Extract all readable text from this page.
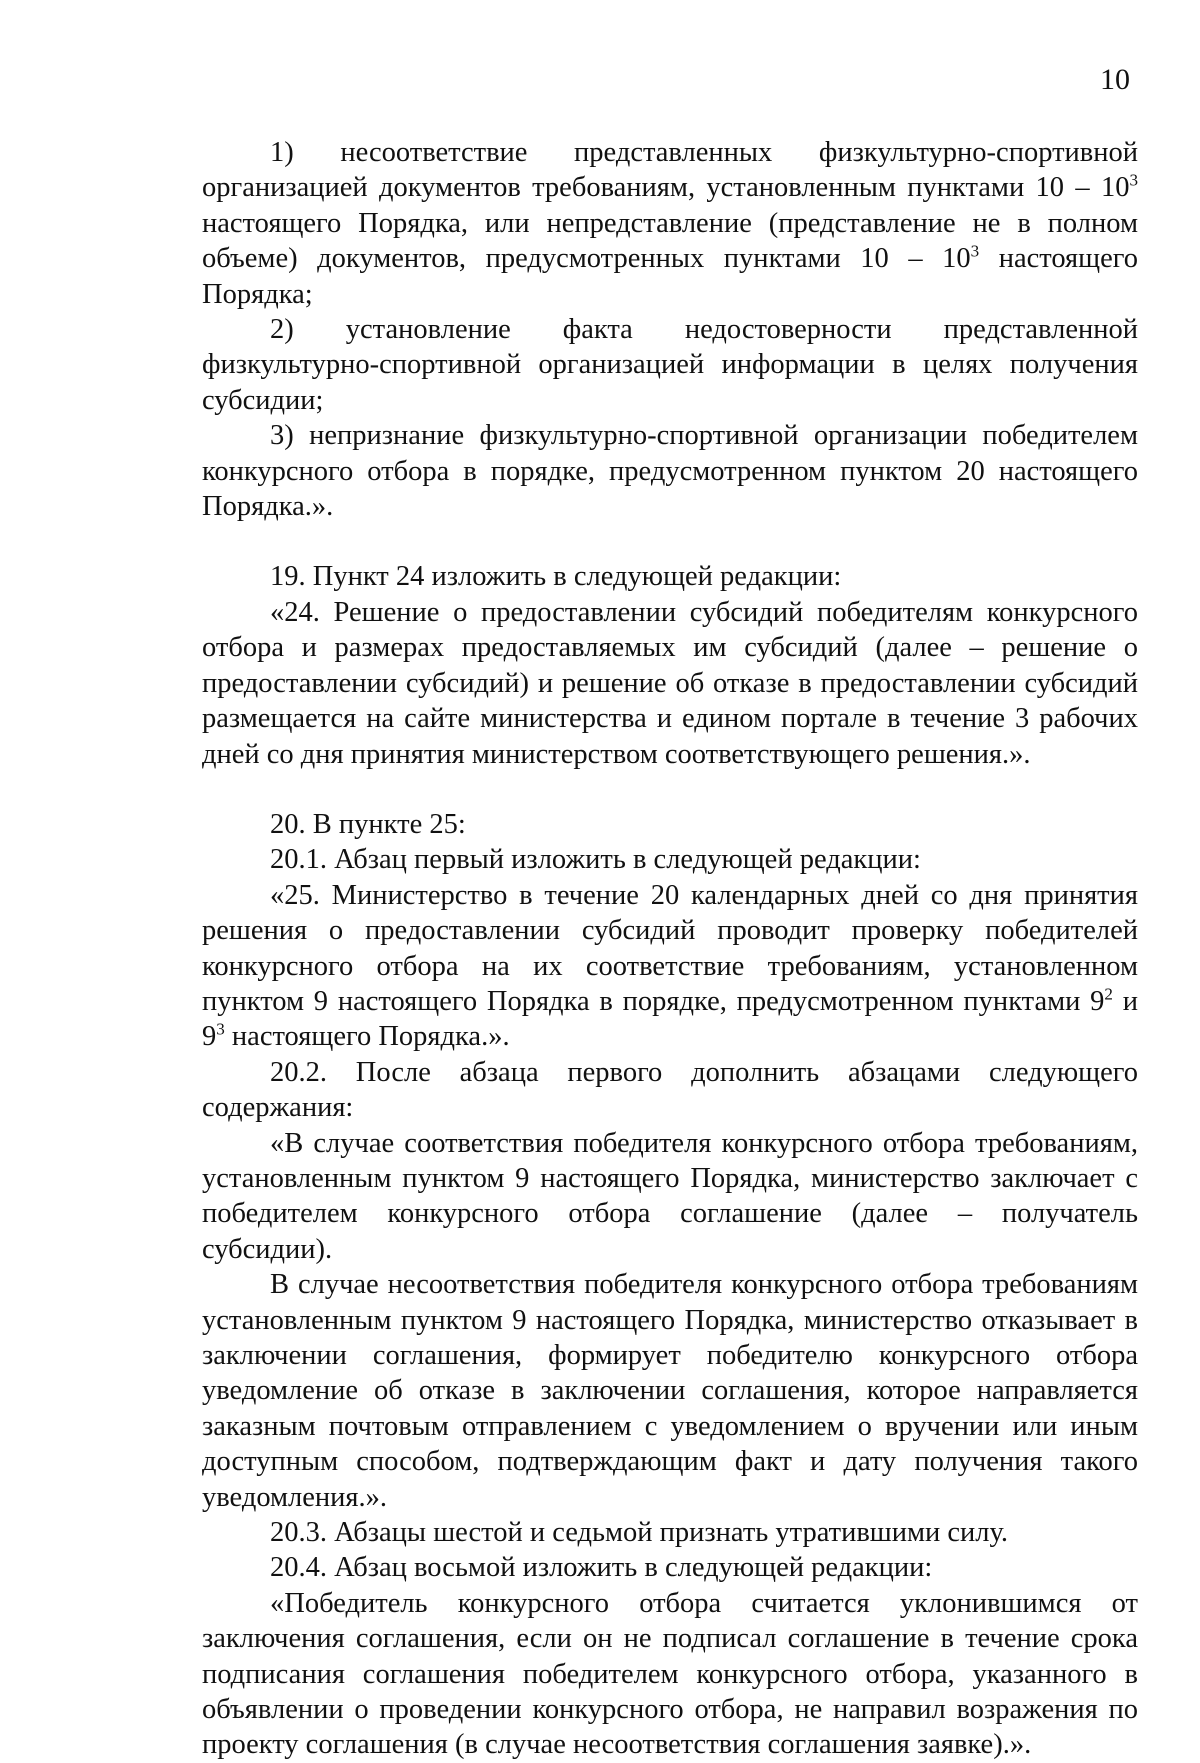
10

1) несоответствие представленных физкультурно-спортивной организацией документов требованиям, установленным пунктами $10 - 10^3$ настоящего Порядка, или непредставление (представление не в полном объеме) документов, предусмотренных пунктами $10 - 10^3$ настоящего Порядка;

2) установление факта недостоверности представленной физкультурно-спортивной организацией информации в целях получения субсидии;

3) непризнание физкультурно-спортивной организации победителем конкурсного отбора в порядке, предусмотренном пунктом 20 настоящего Порядка.».

19. Пункт 24 изложить в следующей редакции:

«24. Решение о предоставлении субсидий победителям конкурсного отбора и размерах предоставляемых им субсидий (далее – решение о предоставлении субсидий) и решение об отказе в предоставлении субсидий размещается на сайте министерства и едином портале в течение 3 рабочих дней со дня принятия министерством соответствующего решения.».

20. В пункте 25:

20.1. Абзац первый изложить в следующей редакции:

«25. Министерство в течение 20 календарных дней со дня принятия решения о предоставлении субсидий проводит проверку победителей конкурсного отбора на их соответствие требованиям, установленном пунктом 9 настоящего Порядка в порядке, предусмотренном пунктами $9^2$ и $9^3$ настоящего Порядка.».

20.2. После абзаца первого дополнить абзацами следующего содержания:

«В случае соответствия победителя конкурсного отбора требованиям, установленным пунктом 9 настоящего Порядка, министерство заключает с победителем конкурсного отбора соглашение (далее – получатель субсидии).

В случае несоответствия победителя конкурсного отбора требованиям установленным пунктом 9 настоящего Порядка, министерство отказывает в заключении соглашения, формирует победителю конкурсного отбора уведомление об отказе в заключении соглашения, которое направляется заказным почтовым отправлением с уведомлением о вручении или иным доступным способом, подтверждающим факт и дату получения такого уведомления.».

20.3. Абзацы шестой и седьмой признать утратившими силу.

20.4. Абзац восьмой изложить в следующей редакции:

«Победитель конкурсного отбора считается уклонившимся от заключения соглашения, если он не подписал соглашение в течение срока подписания соглашения победителем конкурсного отбора, указанного в объявлении о проведении конкурсного отбора, не направил возражения по проекту соглашения (в случае несоответствия соглашения заявке).».
